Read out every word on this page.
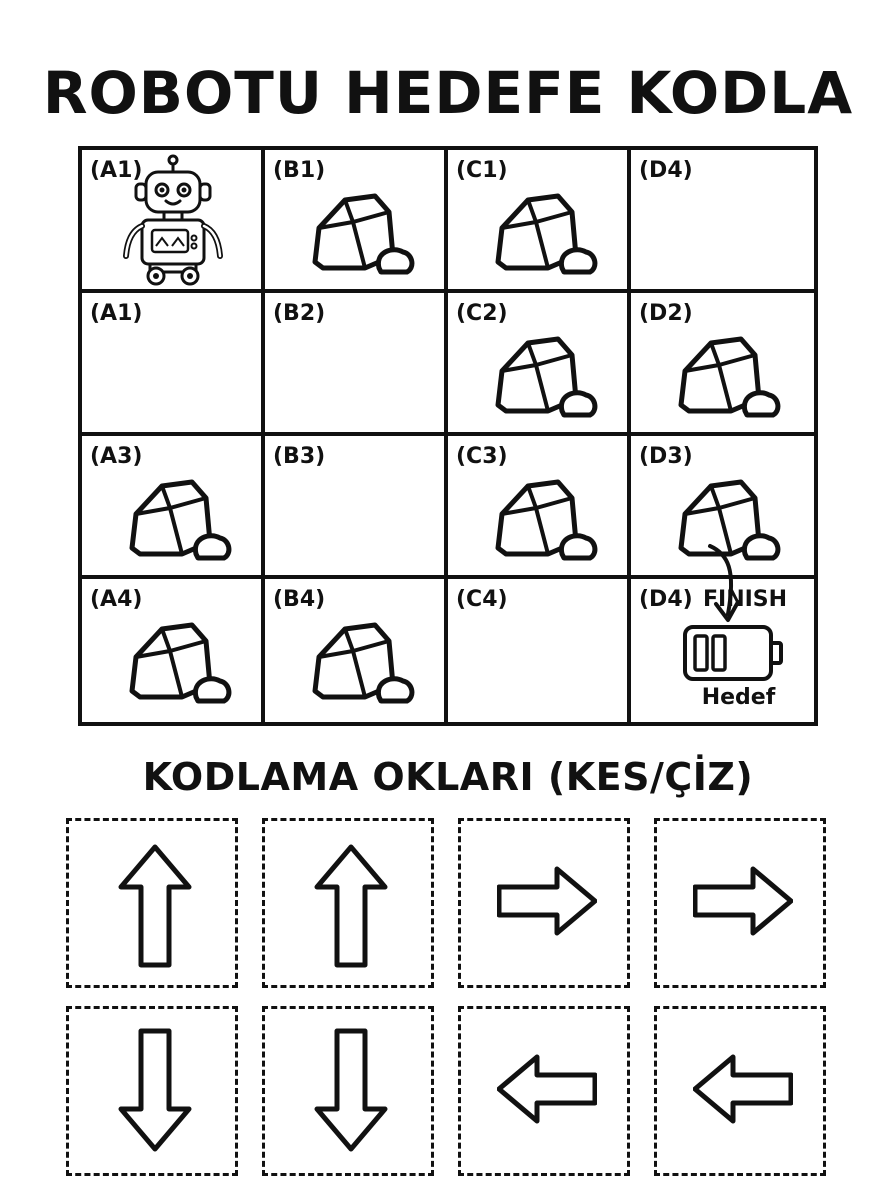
ROBOTU HEDEFE KODLA
(A1)	(B1)	(C1)	(D4)
(A1)	(B2)	(C2)	(D2)
(A3)	(B3)	(C3)	(D3)
(A4)	(B4)	(C4)	(D4) FINISH
Hedef
KODLAMA OKLARI (KES/ÇİZ)
